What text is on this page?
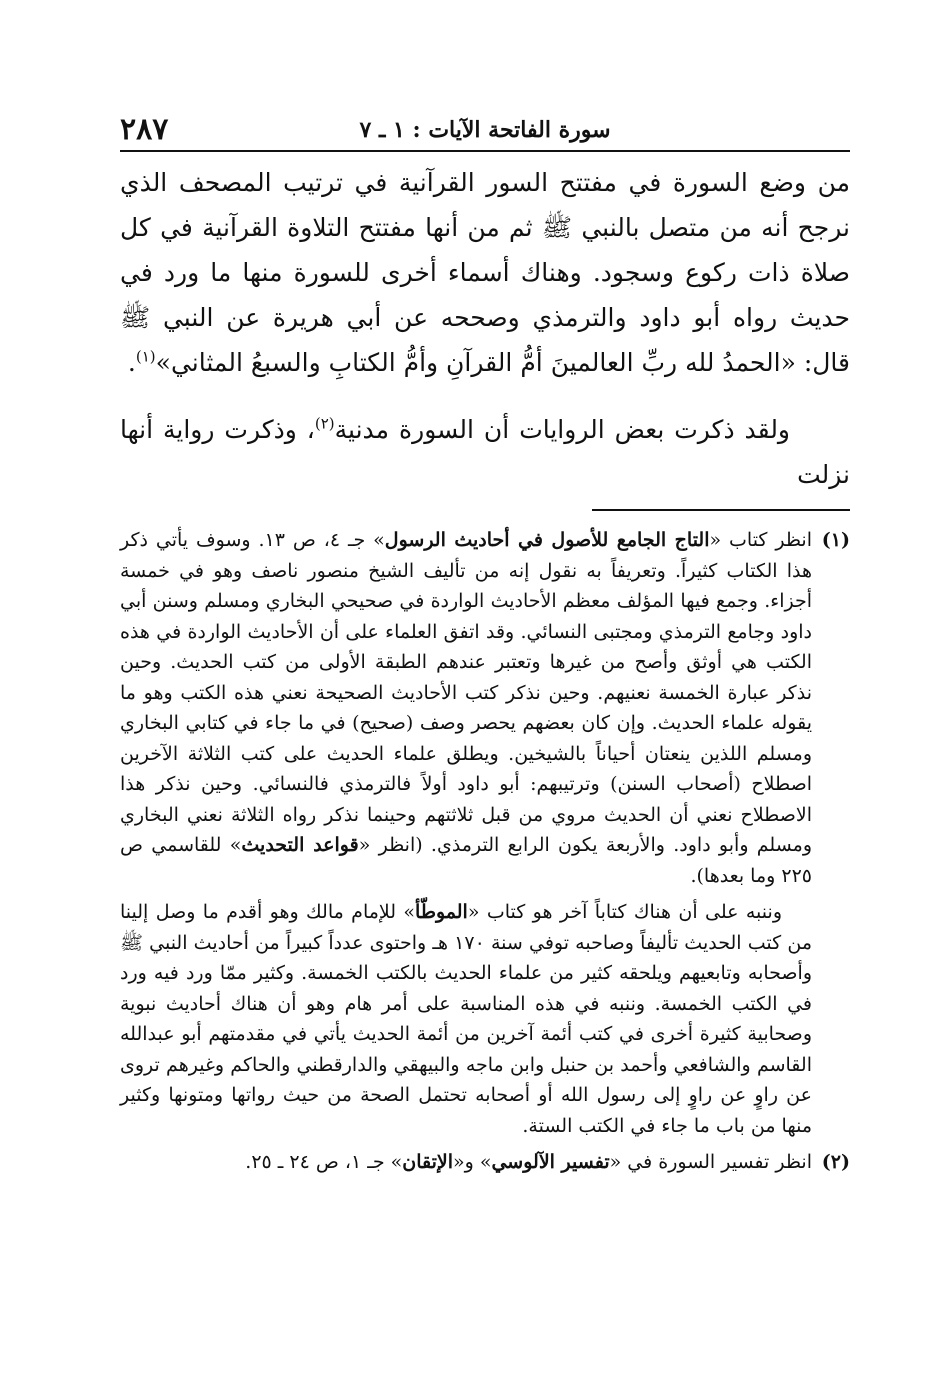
سورة الفاتحة الآيات : ١ ـ ٧
٢٨٧

من وضع السورة في مفتتح السور القرآنية في ترتيب المصحف الذي نرجح أنه من متصل بالنبي ﷺ ثم من أنها مفتتح التلاوة القرآنية في كل صلاة ذات ركوع وسجود. وهناك أسماء أخرى للسورة منها ما ورد في حديث رواه أبو داود والترمذي وصححه عن أبي هريرة عن النبي ﷺ قال: «الحمدُ لله ربِّ العالمينَ أمُّ القرآنِ وأمُّ الكتابِ والسبعُ المثاني»$^{(١)}$.

ولقد ذكرت بعض الروايات أن السورة مدنية$^{(٢)}$، وذكرت رواية أنها نزلت

(١)

انظر كتاب «التاج الجامع للأصول في أحاديث الرسول» جـ ٤، ص ١٣. وسوف يأتي ذكر هذا الكتاب كثيراً. وتعريفاً به نقول إنه من تأليف الشيخ منصور ناصف وهو في خمسة أجزاء. وجمع فيها المؤلف معظم الأحاديث الواردة في صحيحي البخاري ومسلم وسنن أبي داود وجامع الترمذي ومجتبى النسائي. وقد اتفق العلماء على أن الأحاديث الواردة في هذه الكتب هي أوثق وأصح من غيرها وتعتبر عندهم الطبقة الأولى من كتب الحديث. وحين نذكر عبارة الخمسة نعنيهم. وحين نذكر كتب الأحاديث الصحيحة نعني هذه الكتب وهو ما يقوله علماء الحديث. وإن كان بعضهم يحصر وصف (صحيح) في ما جاء في كتابي البخاري ومسلم اللذين ينعتان أحياناً بالشيخين. ويطلق علماء الحديث على كتب الثلاثة الآخرين اصطلاح (أصحاب السنن) وترتيبهم: أبو داود أولاً فالترمذي فالنسائي. وحين نذكر هذا الاصطلاح نعني أن الحديث مروي من قبل ثلاثتهم وحينما نذكر رواه الثلاثة نعني البخاري ومسلم وأبو داود. والأربعة يكون الرابع الترمذي. (انظر «قواعد التحديث» للقاسمي ص ٢٢٥ وما بعدها).

وننبه على أن هناك كتاباً آخر هو كتاب «الموطّأ» للإمام مالك وهو أقدم ما وصل إلينا من كتب الحديث تأليفاً وصاحبه توفي سنة ١٧٠ هـ واحتوى عدداً كبيراً من أحاديث النبي ﷺ وأصحابه وتابعيهم ويلحقه كثير من علماء الحديث بالكتب الخمسة. وكثير ممّا ورد فيه ورد في الكتب الخمسة. وننبه في هذه المناسبة على أمر هام وهو أن هناك أحاديث نبوية وصحابية كثيرة أخرى في كتب أئمة آخرين من أئمة الحديث يأتي في مقدمتهم أبو عبدالله القاسم والشافعي وأحمد بن حنبل وابن ماجه والبيهقي والدارقطني والحاكم وغيرهم تروى عن راوٍ عن راوٍ إلى رسول الله أو أصحابه تحتمل الصحة من حيث رواتها ومتونها وكثير منها من باب ما جاء في الكتب الستة.

(٢)

انظر تفسير السورة في «تفسير الآلوسي» و«الإتقان» جـ ١، ص ٢٤ ـ ٢٥.
